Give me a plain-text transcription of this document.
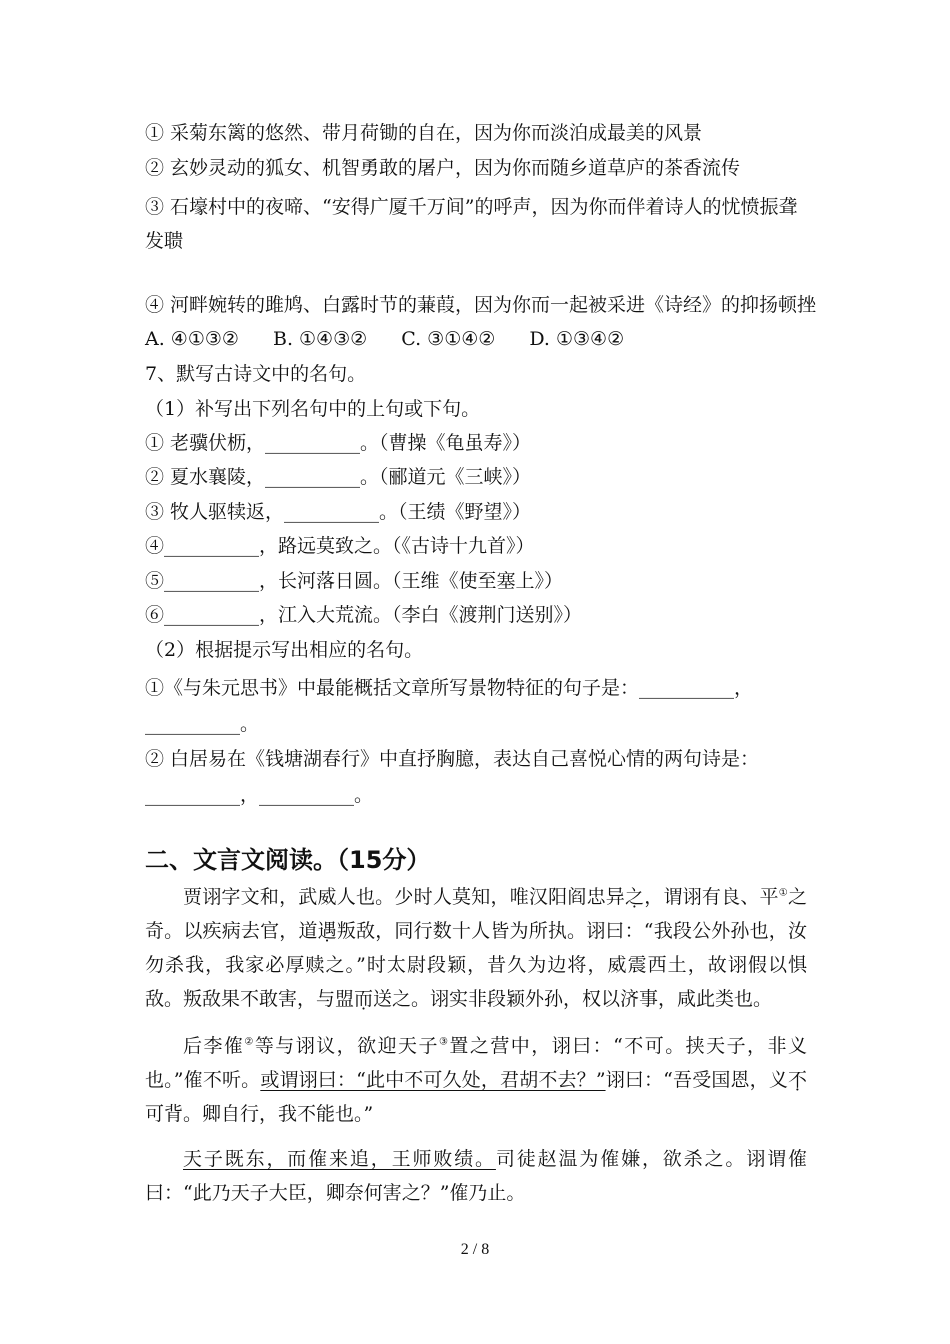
① 采菊东篱的悠然、带月荷锄的自在，因为你而淡泊成最美的风景
② 玄妙灵动的狐女、机智勇敢的屠户，因为你而随乡道草庐的茶香流传
③ 石壕村中的夜啼、“安得广厦千万间”的呼声，因为你而伴着诗人的忧愤振聋发聩
④ 河畔婉转的雎鸠、白露时节的蒹葭，因为你而一起被采进《诗经》的抑扬顿挫
A. ④①③② B. ①④③② C. ③①④② D. ①③④②
7、默写古诗文中的名句。
（1）补写出下列名句中的上句或下句。
① 老骥伏枥，__________。（曹操《龟虽寿》）
② 夏水襄陵，__________。（郦道元《三峡》）
③ 牧人驱犊返，__________。（王绩《野望》）
④__________，路远莫致之。（《古诗十九首》）
⑤__________，长河落日圆。（王维《使至塞上》）
⑥__________，江入大荒流。（李白《渡荆门送别》）
（2）根据提示写出相应的名句。
①《与朱元思书》中最能概括文章所写景物特征的句子是：__________，__________。
② 白居易在《钱塘湖春行》中直抒胸臆，表达自己喜悦心情的两句诗是：__________，__________。
二、文言文阅读。（15分）
贾诩字文和，武威人也。少时人莫知，唯汉阳阎忠异之，谓诩有良、平①之奇。以疾病去官，道遇叛敌，同行数十人皆为所执。诩曰：“我段公外孙也，汝勿杀我，我家必厚赎之。”时太尉段颖，昔久为边将，威震西土，故诩假以惧敌。叛敌果不敢害，与盟而送之。诩实非段颖外孙，权以济事，咸此类也。
后李傕②等与诩议，欲迎天子③置之营中，诩曰：“不可。挟天子，非义也。”傕不听。或谓诩曰：“此中不可久处，君胡不去？”诩曰：“吾受国恩，义不可背。卿自行，我不能也。”
天子既东，而傕来追，王师败绩。司徒赵温为傕嫌，欲杀之。诩谓傕曰：“此乃天子大臣，卿奈何害之？”傕乃止。
2 / 8
